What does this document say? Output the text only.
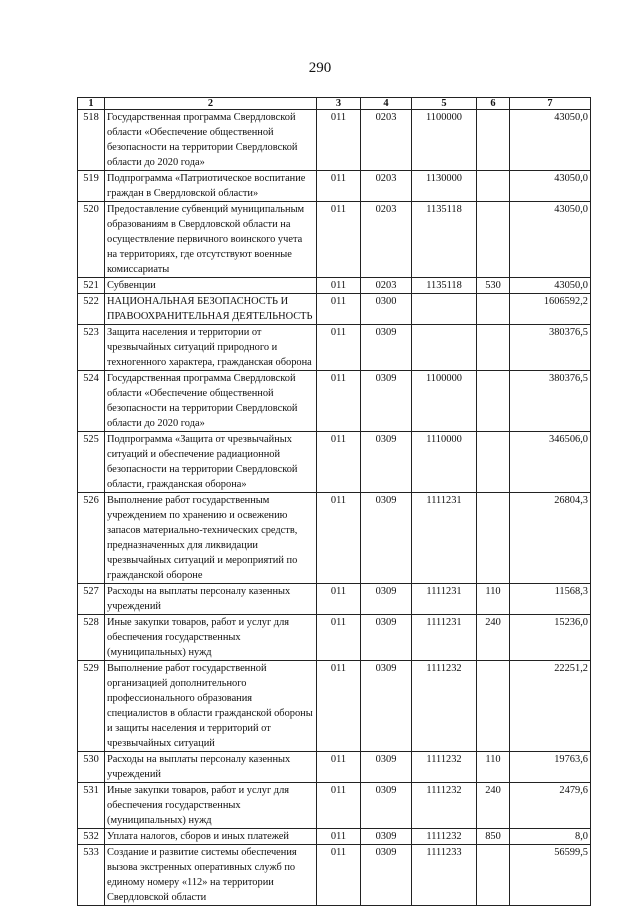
290
1	2	3	4	5	6	7
518	Государственная программа Свердловской области «Обеспечение общественной безопасности на территории Свердловской области до 2020 года»	011	0203	1100000		43050,0
519	Подпрограмма «Патриотическое воспитание граждан в Свердловской области»	011	0203	1130000		43050,0
520	Предоставление субвенций муниципальным образованиям в Свердловской области на осуществление первичного воинского учета на территориях, где отсутствуют военные комиссариаты	011	0203	1135118		43050,0
521	Субвенции	011	0203	1135118	530	43050,0
522	НАЦИОНАЛЬНАЯ БЕЗОПАСНОСТЬ И ПРАВООХРАНИТЕЛЬНАЯ ДЕЯТЕЛЬНОСТЬ	011	0300			1606592,2
523	Защита населения и территории от чрезвычайных ситуаций природного и техногенного характера, гражданская оборона	011	0309			380376,5
524	Государственная программа Свердловской области «Обеспечение общественной безопасности на территории Свердловской области до 2020 года»	011	0309	1100000		380376,5
525	Подпрограмма «Защита от чрезвычайных ситуаций и обеспечение радиационной безопасности на территории Свердловской области, гражданская оборона»	011	0309	1110000		346506,0
526	Выполнение работ государственным учреждением по хранению и освежению запасов материально-технических средств, предназначенных для ликвидации чрезвычайных ситуаций и мероприятий по гражданской обороне	011	0309	1111231		26804,3
527	Расходы на выплаты персоналу казенных учреждений	011	0309	1111231	110	11568,3
528	Иные закупки товаров, работ и услуг для обеспечения государственных (муниципальных) нужд	011	0309	1111231	240	15236,0
529	Выполнение работ государственной организацией дополнительного профессионального образования специалистов в области гражданской обороны и защиты населения и территорий от чрезвычайных ситуаций	011	0309	1111232		22251,2
530	Расходы на выплаты персоналу казенных учреждений	011	0309	1111232	110	19763,6
531	Иные закупки товаров, работ и услуг для обеспечения государственных (муниципальных) нужд	011	0309	1111232	240	2479,6
532	Уплата налогов, сборов и иных платежей	011	0309	1111232	850	8,0
533	Создание и развитие системы обеспечения вызова экстренных оперативных служб по единому номеру «112» на территории Свердловской области	011	0309	1111233		56599,5
